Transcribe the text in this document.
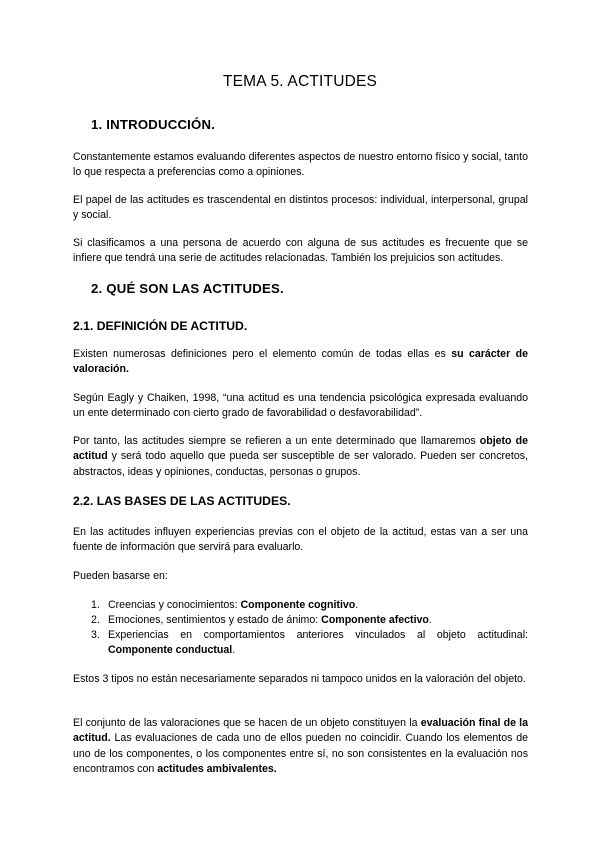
TEMA 5. ACTITUDES
1. INTRODUCCIÓN.

Constantemente estamos evaluando diferentes aspectos de nuestro entorno físico y social, tanto lo que respecta a preferencias como a opiniones.

El papel de las actitudes es trascendental en distintos procesos: individual, interpersonal, grupal y social.

Si clasificamos a una persona de acuerdo con alguna de sus actitudes es frecuente que se infiere que tendrá una serie de actitudes relacionadas. También los prejuicios son actitudes.

2. QUÉ SON LAS ACTITUDES.
2.1. DEFINICIÓN DE ACTITUD.

Existen numerosas definiciones pero el elemento común de todas ellas es su carácter de valoración.

Según Eagly y Chaiken, 1998, “una actitud es una tendencia psicológica expresada evaluando un ente determinado con cierto grado de favorabilidad o desfavorabilidad”.

Por tanto, las actitudes siempre se refieren a un ente determinado que llamaremos objeto de actitud y será todo aquello que pueda ser susceptible de ser valorado. Pueden ser concretos, abstractos, ideas y opiniones, conductas, personas o grupos.

2.2. LAS BASES DE LAS ACTITUDES.

En las actitudes influyen experiencias previas con el objeto de la actitud, estas van a ser una fuente de información que servirá para evaluarlo.

Pueden basarse en:

1. Creencias y conocimientos: Componente cognitivo.
2. Emociones, sentimientos y estado de ánimo: Componente afectivo.
3. Experiencias en comportamientos anteriores vinculados al objeto actitudinal: Componente conductual.

Estos 3 tipos no están necesariamente separados ni tampoco unidos en la valoración del objeto.

El conjunto de las valoraciones que se hacen de un objeto constituyen la evaluación final de la actitud. Las evaluaciones de cada uno de ellos pueden no coincidir. Cuando los elementos de uno de los componentes, o los componentes entre sí, no son consistentes en la evaluación nos encontramos con actitudes ambivalentes.
